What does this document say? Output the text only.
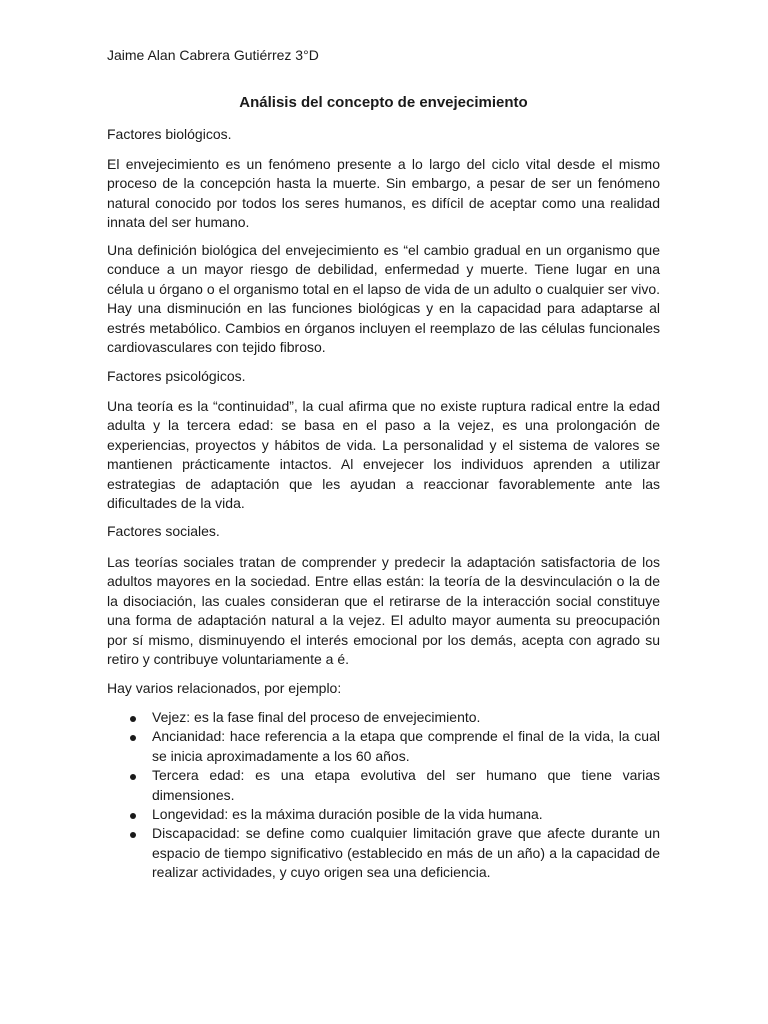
Jaime Alan Cabrera Gutiérrez 3°D
Análisis del concepto de envejecimiento

Factores biológicos.

El envejecimiento es un fenómeno presente a lo largo del ciclo vital desde el mismo proceso de la concepción hasta la muerte. Sin embargo, a pesar de ser un fenómeno natural conocido por todos los seres humanos, es difícil de aceptar como una realidad innata del ser humano.

Una definición biológica del envejecimiento es “el cambio gradual en un organismo que conduce a un mayor riesgo de debilidad, enfermedad y muerte. Tiene lugar en una célula u órgano o el organismo total en el lapso de vida de un adulto o cualquier ser vivo. Hay una disminución en las funciones biológicas y en la capacidad para adaptarse al estrés metabólico. Cambios en órganos incluyen el reemplazo de las células funcionales cardiovasculares con tejido fibroso.

Factores psicológicos.

Una teoría es la “continuidad”, la cual afirma que no existe ruptura radical entre la edad adulta y la tercera edad: se basa en el paso a la vejez, es una prolongación de experiencias, proyectos y hábitos de vida. La personalidad y el sistema de valores se mantienen prácticamente intactos. Al envejecer los individuos aprenden a utilizar estrategias de adaptación que les ayudan a reaccionar favorablemente ante las dificultades de la vida.

Factores sociales.

Las teorías sociales tratan de comprender y predecir la adaptación satisfactoria de los adultos mayores en la sociedad. Entre ellas están: la teoría de la desvinculación o la de la disociación, las cuales consideran que el retirarse de la interacción social constituye una forma de adaptación natural a la vejez. El adulto mayor aumenta su preocupación por sí mismo, disminuyendo el interés emocional por los demás, acepta con agrado su retiro y contribuye voluntariamente a é.

Hay varios relacionados, por ejemplo:

Vejez: es la fase final del proceso de envejecimiento.
Ancianidad: hace referencia a la etapa que comprende el final de la vida, la cual se inicia aproximadamente a los 60 años.
Tercera edad: es una etapa evolutiva del ser humano que tiene varias dimensiones.
Longevidad: es la máxima duración posible de la vida humana.
Discapacidad: se define como cualquier limitación grave que afecte durante un espacio de tiempo significativo (establecido en más de un año) a la capacidad de realizar actividades, y cuyo origen sea una deficiencia.
